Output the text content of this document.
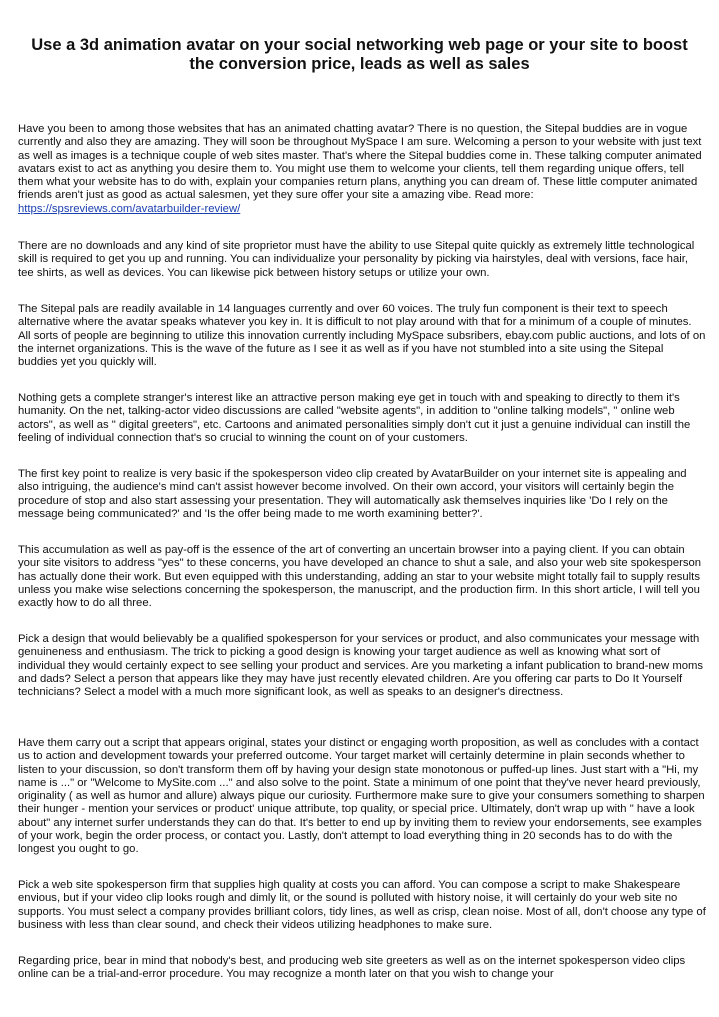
Use a 3d animation avatar on your social networking web page or your site to boost the conversion price, leads as well as sales
Have you been to among those websites that has an animated chatting avatar? There is no question, the Sitepal buddies are in vogue currently and also they are amazing. They will soon be throughout MySpace I am sure. Welcoming a person to your website with just text as well as images is a technique couple of web sites master. That's where the Sitepal buddies come in. These talking computer animated avatars exist to act as anything you desire them to. You might use them to welcome your clients, tell them regarding unique offers, tell them what your website has to do with, explain your companies return plans, anything you can dream of. These little computer animated friends aren't just as good as actual salesmen, yet they sure offer your site a amazing vibe. Read more: https://spsreviews.com/avatarbuilder-review/
There are no downloads and any kind of site proprietor must have the ability to use Sitepal quite quickly as extremely little technological skill is required to get you up and running. You can individualize your personality by picking via hairstyles, deal with versions, face hair, tee shirts, as well as devices. You can likewise pick between history setups or utilize your own.
The Sitepal pals are readily available in 14 languages currently and over 60 voices. The truly fun component is their text to speech alternative where the avatar speaks whatever you key in. It is difficult to not play around with that for a minimum of a couple of minutes. All sorts of people are beginning to utilize this innovation currently including MySpace subsribers, ebay.com public auctions, and lots of on the internet organizations. This is the wave of the future as I see it as well as if you have not stumbled into a site using the Sitepal buddies yet you quickly will.
Nothing gets a complete stranger's interest like an attractive person making eye get in touch with and speaking to directly to them it's humanity. On the net, talking-actor video discussions are called "website agents", in addition to "online talking models", " online web actors", as well as " digital greeters", etc. Cartoons and animated personalities simply don't cut it just a genuine individual can instill the feeling of individual connection that's so crucial to winning the count on of your customers.
The first key point to realize is very basic if the spokesperson video clip created by AvatarBuilder on your internet site is appealing and also intriguing, the audience's mind can't assist however become involved. On their own accord, your visitors will certainly begin the procedure of stop and also start assessing your presentation. They will automatically ask themselves inquiries like 'Do I rely on the message being communicated?' and 'Is the offer being made to me worth examining better?'.
This accumulation as well as pay-off is the essence of the art of converting an uncertain browser into a paying client. If you can obtain your site visitors to address "yes" to these concerns, you have developed an chance to shut a sale, and also your web site spokesperson has actually done their work. But even equipped with this understanding, adding an star to your website might totally fail to supply results unless you make wise selections concerning the spokesperson, the manuscript, and the production firm. In this short article, I will tell you exactly how to do all three.
Pick a design that would believably be a qualified spokesperson for your services or product, and also communicates your message with genuineness and enthusiasm. The trick to picking a good design is knowing your target audience as well as knowing what sort of individual they would certainly expect to see selling your product and services. Are you marketing a infant publication to brand-new moms and dads? Select a person that appears like they may have just recently elevated children. Are you offering car parts to Do It Yourself technicians? Select a model with a much more significant look, as well as speaks to an designer's directness.
Have them carry out a script that appears original, states your distinct or engaging worth proposition, as well as concludes with a contact us to action and development towards your preferred outcome. Your target market will certainly determine in plain seconds whether to listen to your discussion, so don't transform them off by having your design state monotonous or puffed-up lines. Just start with a "Hi, my name is ..." or "Welcome to MySite.com ..." and also solve to the point. State a minimum of one point that they've never heard previously, originality ( as well as humor and allure) always pique our curiosity. Furthermore make sure to give your consumers something to sharpen their hunger - mention your services or product' unique attribute, top quality, or special price. Ultimately, don't wrap up with " have a look about" any internet surfer understands they can do that. It's better to end up by inviting them to review your endorsements, see examples of your work, begin the order process, or contact you. Lastly, don't attempt to load everything thing in 20 seconds has to do with the longest you ought to go.
Pick a web site spokesperson firm that supplies high quality at costs you can afford. You can compose a script to make Shakespeare envious, but if your video clip looks rough and dimly lit, or the sound is polluted with history noise, it will certainly do your web site no supports. You must select a company provides brilliant colors, tidy lines, as well as crisp, clean noise. Most of all, don't choose any type of business with less than clear sound, and check their videos utilizing headphones to make sure.
Regarding price, bear in mind that nobody's best, and producing web site greeters as well as on the internet spokesperson video clips online can be a trial-and-error procedure. You may recognize a month later on that you wish to change your
